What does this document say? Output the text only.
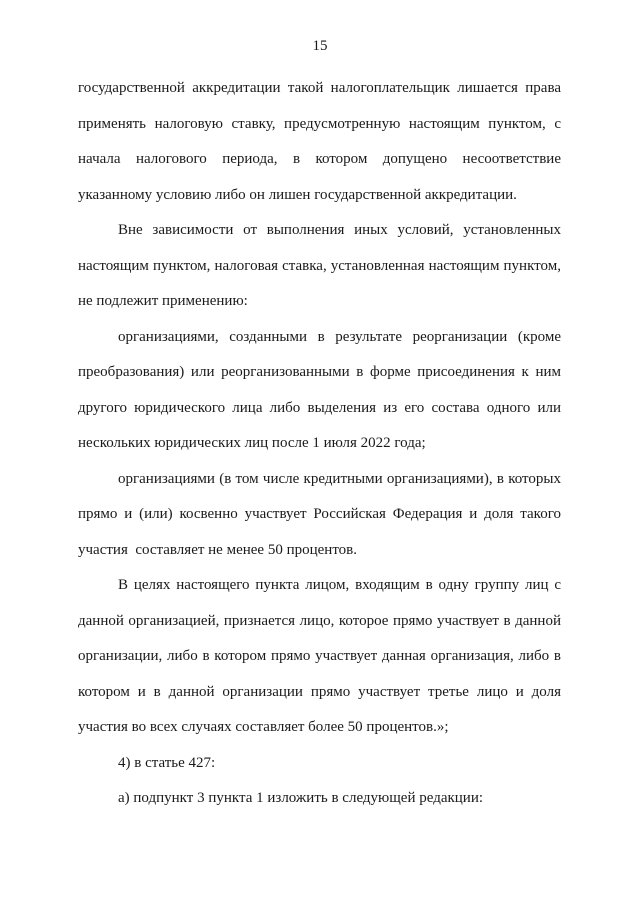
15
государственной аккредитации такой налогоплательщик лишается права
применять налоговую ставку, предусмотренную настоящим пунктом, с
начала налогового периода, в котором допущено несоответствие
указанному условию либо он лишен государственной аккредитации.
Вне зависимости от выполнения иных условий, установленных
настоящим пунктом, налоговая ставка, установленная настоящим пунктом,
не подлежит применению:
организациями, созданными в результате реорганизации (кроме
преобразования) или реорганизованными в форме присоединения к ним
другого юридического лица либо выделения из его состава одного или
нескольких юридических лиц после 1 июля 2022 года;
организациями (в том числе кредитными организациями), в которых
прямо и (или) косвенно участвует Российская Федерация и доля такого
участия  составляет не менее 50 процентов.
В целях настоящего пункта лицом, входящим в одну группу лиц с
данной организацией, признается лицо, которое прямо участвует в данной
организации, либо в котором прямо участвует данная организация, либо в
котором и в данной организации прямо участвует третье лицо и доля
участия во всех случаях составляет более 50 процентов.»;
4) в статье 427:
а) подпункт 3 пункта 1 изложить в следующей редакции:
